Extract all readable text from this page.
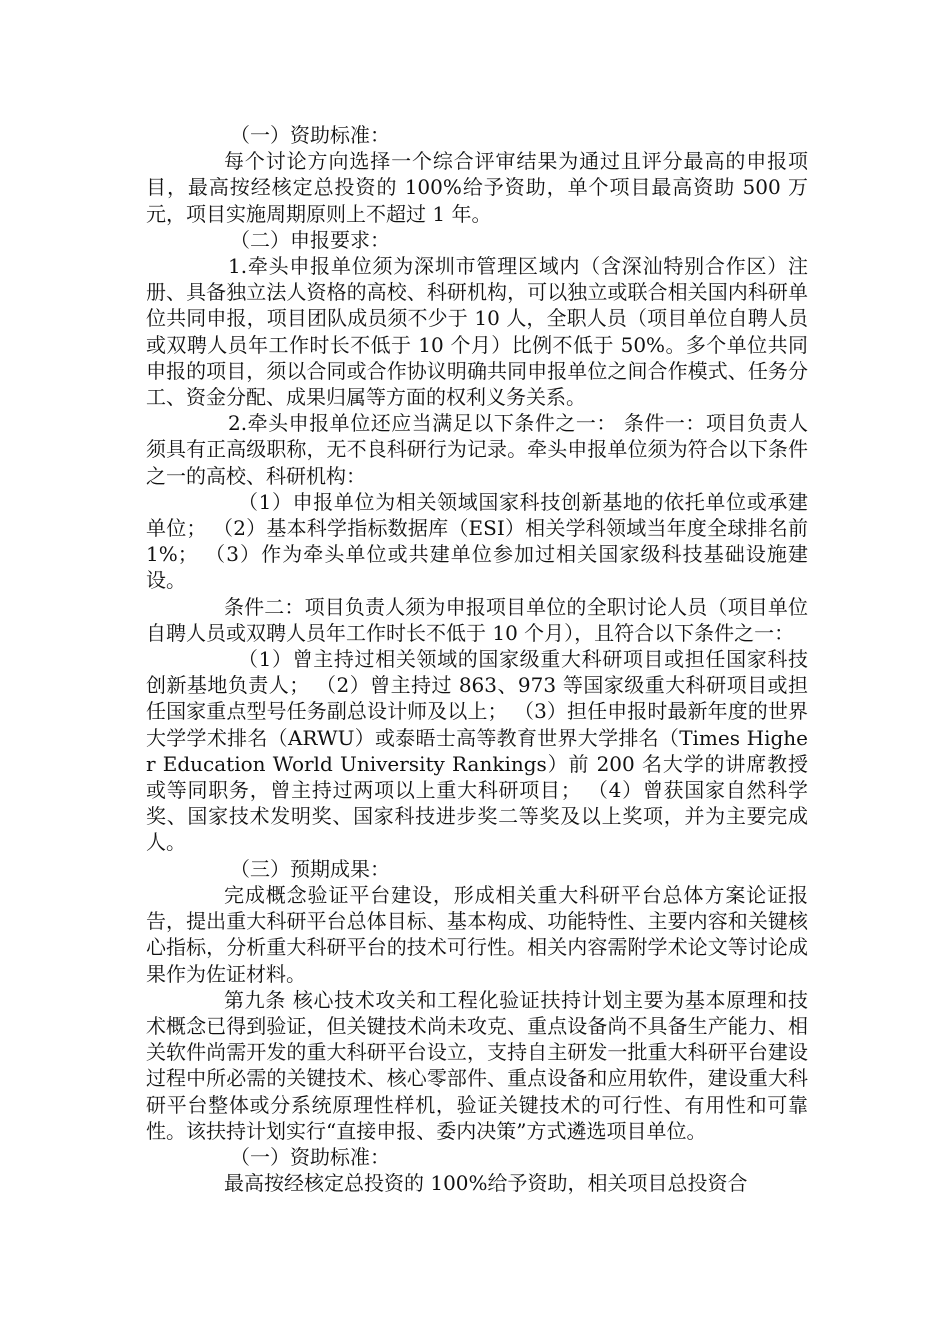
（一）资助标准：

每个讨论方向选择一个综合评审结果为通过且评分最高的申报项目，最高按经核定总投资的 100%给予资助，单个项目最高资助 500 万元，项目实施周期原则上不超过 1 年。

（二）申报要求：

1.牵头申报单位须为深圳市管理区域内（含深汕特别合作区）注册、具备独立法人资格的高校、科研机构，可以独立或联合相关国内科研单位共同申报，项目团队成员须不少于 10 人，全职人员（项目单位自聘人员或双聘人员年工作时长不低于 10 个月）比例不低于 50%。多个单位共同申报的项目，须以合同或合作协议明确共同申报单位之间合作模式、任务分工、资金分配、成果归属等方面的权利义务关系。

2.牵头申报单位还应当满足以下条件之一： 条件一：项目负责人须具有正高级职称，无不良科研行为记录。牵头申报单位须为符合以下条件之一的高校、科研机构：

（1）申报单位为相关领域国家科技创新基地的依托单位或承建单位； （2）基本科学指标数据库（ESI）相关学科领域当年度全球排名前 1%； （3）作为牵头单位或共建单位参加过相关国家级科技基础设施建设。

条件二：项目负责人须为申报项目单位的全职讨论人员（项目单位自聘人员或双聘人员年工作时长不低于 10 个月），且符合以下条件之一：

（1）曾主持过相关领域的国家级重大科研项目或担任国家科技创新基地负责人； （2）曾主持过 863、973 等国家级重大科研项目或担任国家重点型号任务副总设计师及以上； （3）担任申报时最新年度的世界大学学术排名（ARWU）或泰晤士高等教育世界大学排名（Times Higher Education World University Rankings）前 200 名大学的讲席教授或等同职务，曾主持过两项以上重大科研项目； （4）曾获国家自然科学奖、国家技术发明奖、国家科技进步奖二等奖及以上奖项，并为主要完成人。

（三）预期成果：

完成概念验证平台建设，形成相关重大科研平台总体方案论证报告，提出重大科研平台总体目标、基本构成、功能特性、主要内容和关键核心指标，分析重大科研平台的技术可行性。相关内容需附学术论文等讨论成果作为佐证材料。

第九条 核心技术攻关和工程化验证扶持计划主要为基本原理和技术概念已得到验证，但关键技术尚未攻克、重点设备尚不具备生产能力、相关软件尚需开发的重大科研平台设立，支持自主研发一批重大科研平台建设过程中所必需的关键技术、核心零部件、重点设备和应用软件，建设重大科研平台整体或分系统原理性样机，验证关键技术的可行性、有用性和可靠性。该扶持计划实行“直接申报、委内决策”方式遴选项目单位。

（一）资助标准：

最高按经核定总投资的 100%给予资助，相关项目总投资合
